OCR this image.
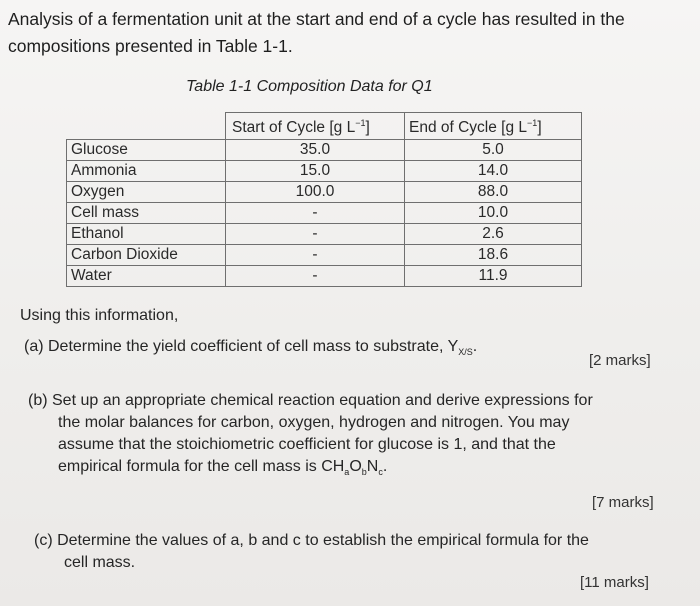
Analysis of a fermentation unit at the start and end of a cycle has resulted in the compositions presented in Table 1-1.
Table 1-1 Composition Data for Q1
	Start of Cycle [g $L^{-1}$]	End of Cycle [g $L^{-1}$]
Glucose	35.0	5.0
Ammonia	15.0	14.0
Oxygen	100.0	88.0
Cell mass	-	10.0
Ethanol	-	2.6
Carbon Dioxide	-	18.6
Water	-	11.9
Using this information,
(a) Determine the yield coefficient of cell mass to substrate, $Y_{X/S}$.
[2 marks]
(b) Set up an appropriate chemical reaction equation and derive expressions for
the molar balances for carbon, oxygen, hydrogen and nitrogen. You may
assume that the stoichiometric coefficient for glucose is 1, and that the
empirical formula for the cell mass is $CH_aO_bN_c$.
[7 marks]
(c) Determine the values of a, b and c to establish the empirical formula for the
cell mass.
[11 marks]
